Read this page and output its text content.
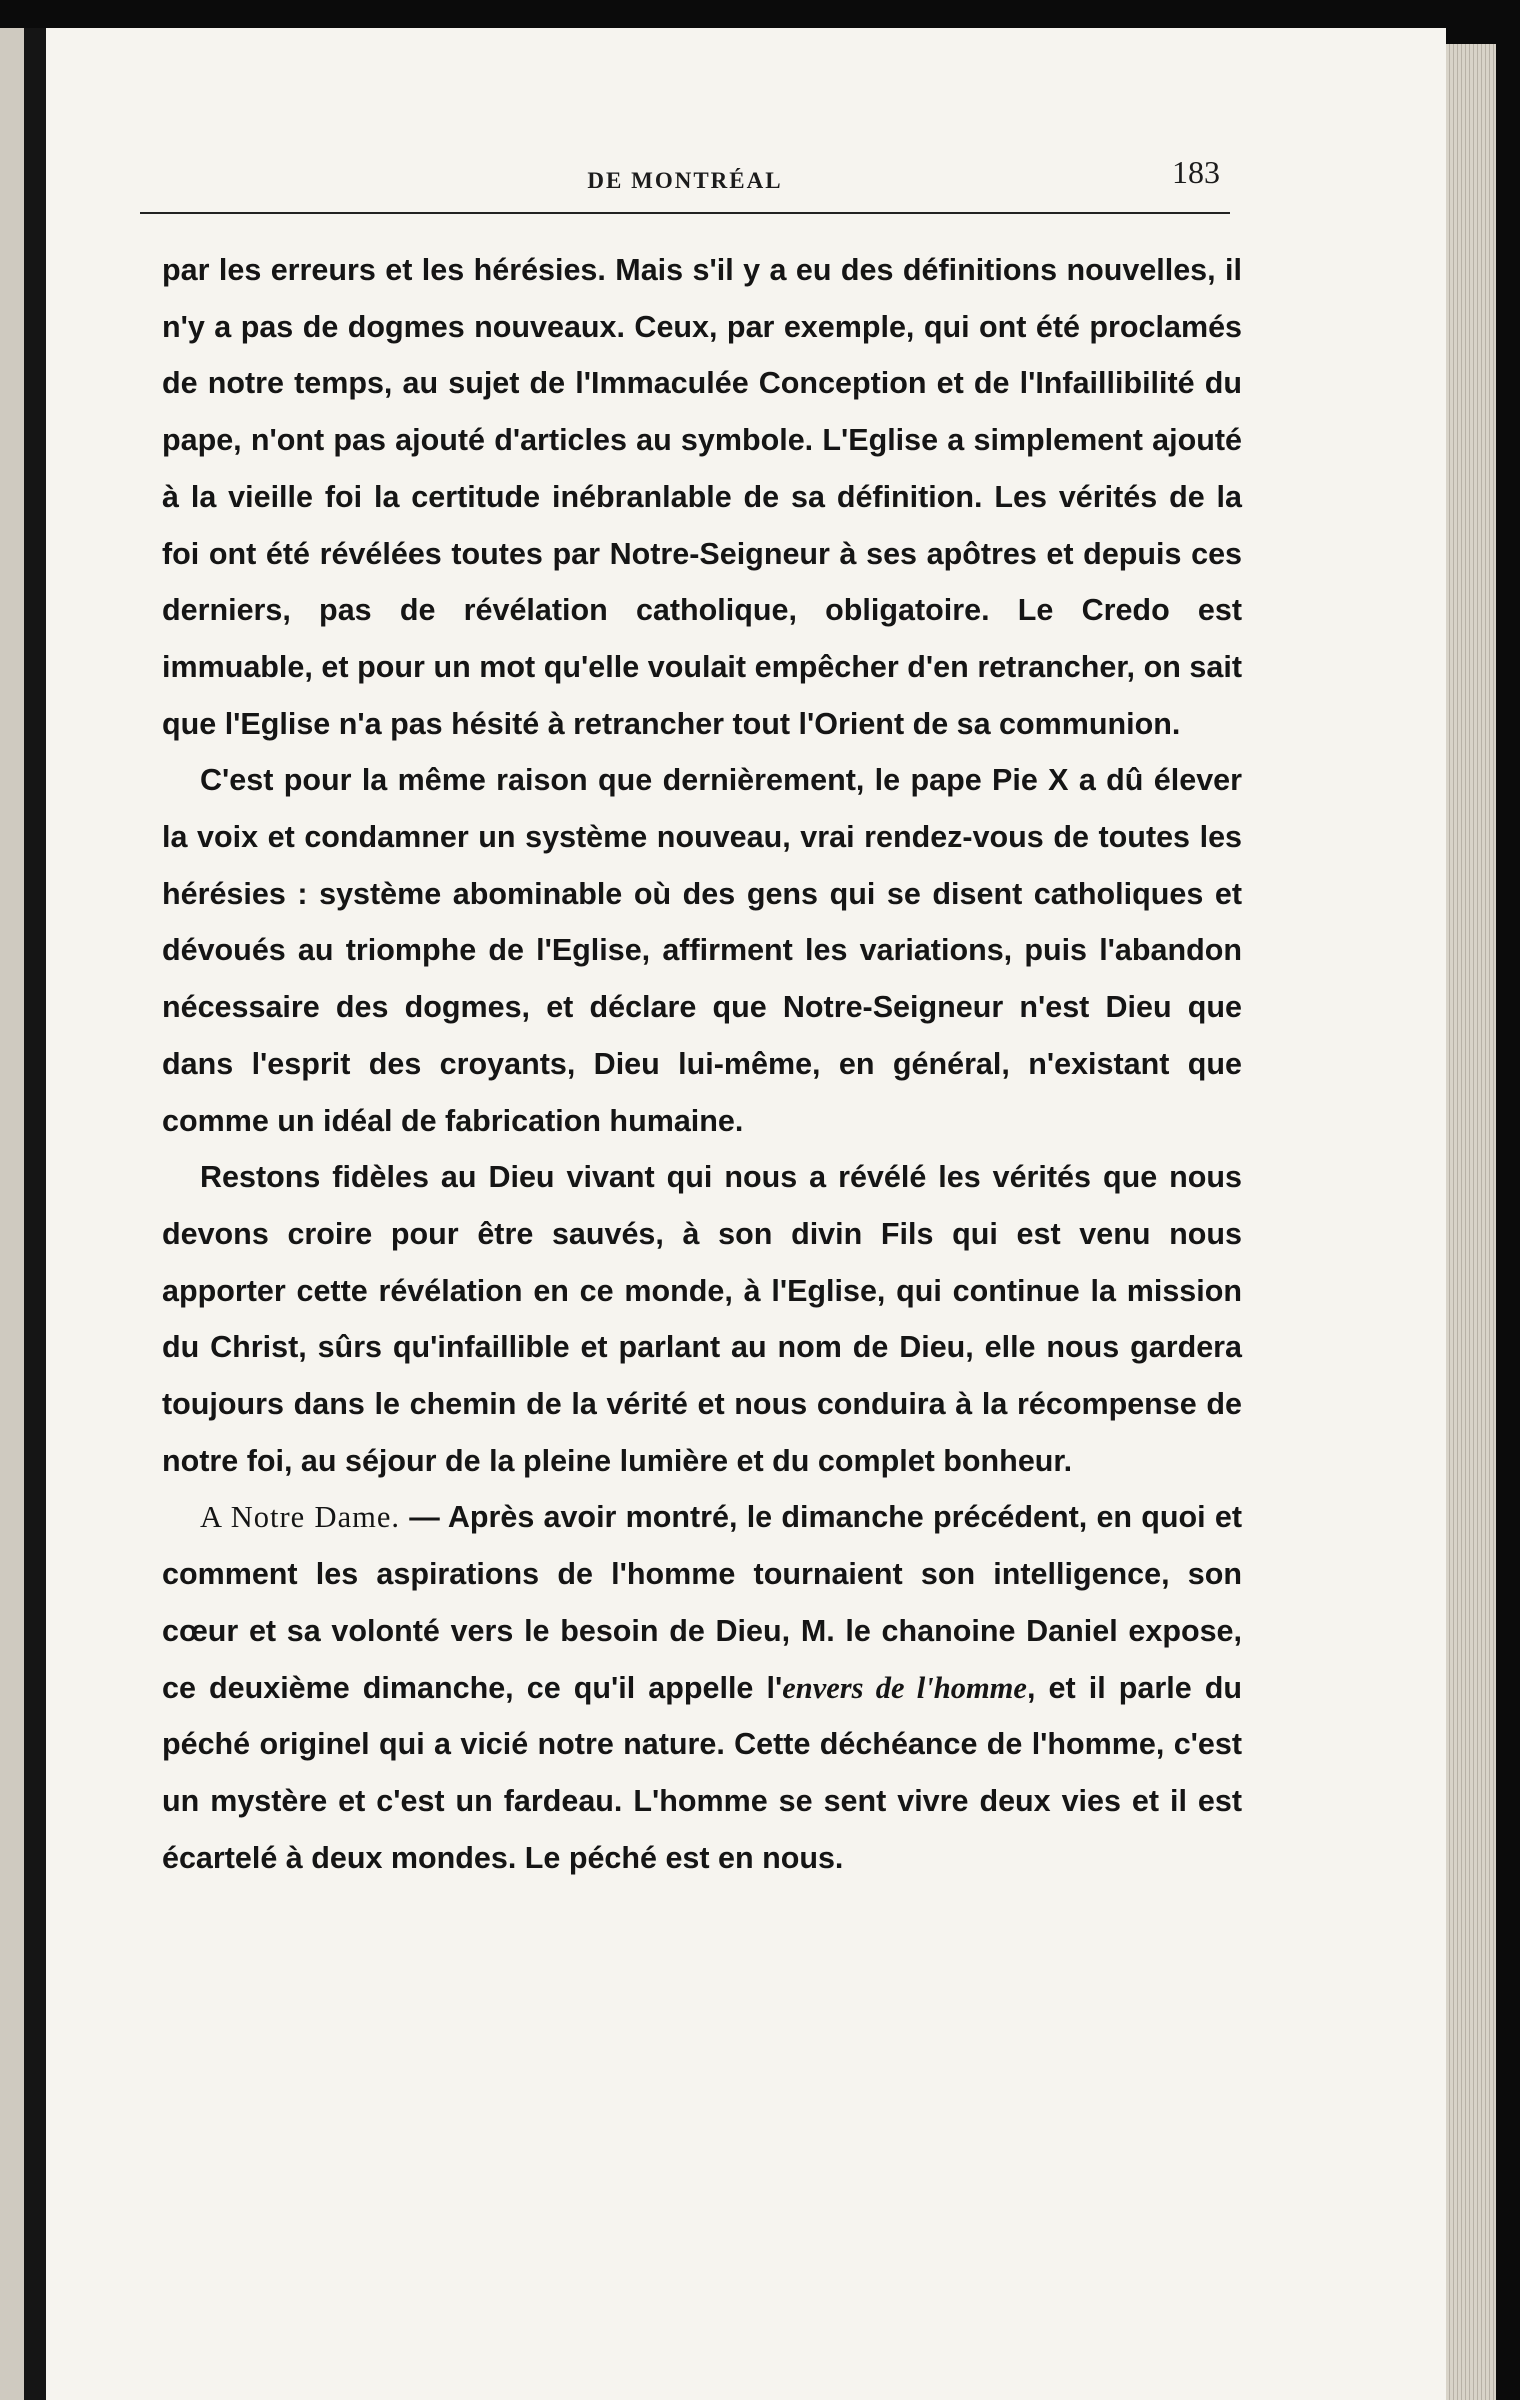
DE MONTRÉAL	183

par les erreurs et les hérésies. Mais s'il y a eu des définitions nouvelles, il n'y a pas de dogmes nouveaux. Ceux, par exemple, qui ont été proclamés de notre temps, au sujet de l'Immaculée Conception et de l'Infaillibilité du pape, n'ont pas ajouté d'articles au symbole. L'Eglise a simplement ajouté à la vieille foi la certitude inébranlable de sa définition. Les vérités de la foi ont été révélées toutes par Notre-Seigneur à ses apôtres et depuis ces derniers, pas de révélation catholique, obligatoire. Le Credo est immuable, et pour un mot qu'elle voulait empêcher d'en retrancher, on sait que l'Eglise n'a pas hésité à retrancher tout l'Orient de sa communion.

C'est pour la même raison que dernièrement, le pape Pie X a dû élever la voix et condamner un système nouveau, vrai rendez-vous de toutes les hérésies : système abominable où des gens qui se disent catholiques et dévoués au triomphe de l'Eglise, affirment les variations, puis l'abandon nécessaire des dogmes, et déclare que Notre-Seigneur n'est Dieu que dans l'esprit des croyants, Dieu lui-même, en général, n'existant que comme un idéal de fabrication humaine.

Restons fidèles au Dieu vivant qui nous a révélé les vérités que nous devons croire pour être sauvés, à son divin Fils qui est venu nous apporter cette révélation en ce monde, à l'Eglise, qui continue la mission du Christ, sûrs qu'infaillible et parlant au nom de Dieu, elle nous gardera toujours dans le chemin de la vérité et nous conduira à la récompense de notre foi, au séjour de la pleine lumière et du complet bonheur.

A Notre Dame. — Après avoir montré, le dimanche précédent, en quoi et comment les aspirations de l'homme tournaient son intelligence, son cœur et sa volonté vers le besoin de Dieu, M. le chanoine Daniel expose, ce deuxième dimanche, ce qu'il appelle l'envers de l'homme, et il parle du péché originel qui a vicié notre nature. Cette déchéance de l'homme, c'est un mystère et c'est un fardeau. L'homme se sent vivre deux vies et il est écartelé à deux mondes. Le péché est en nous.
